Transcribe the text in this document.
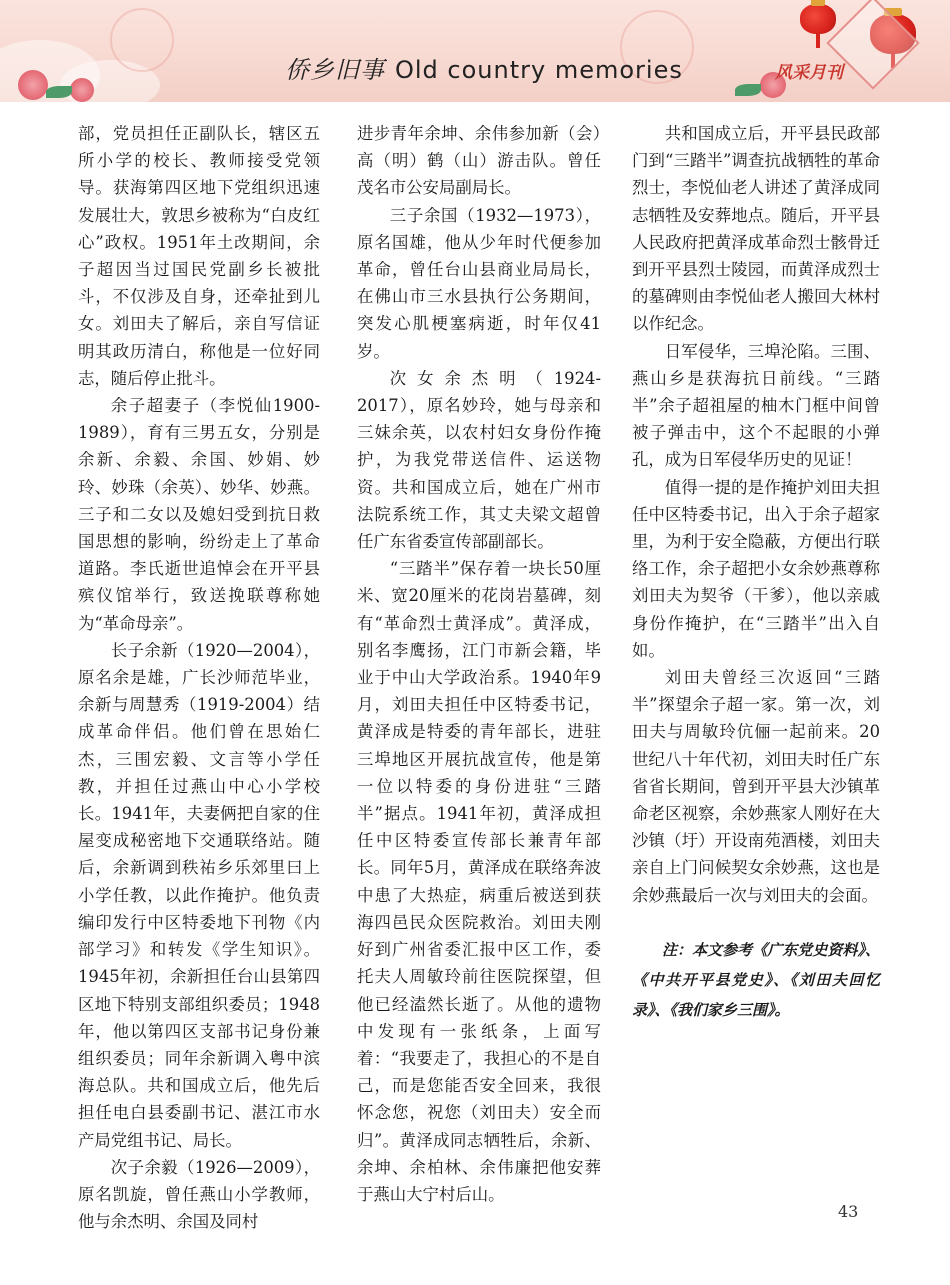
侨乡旧事 Old country memories	风采月刊

部，党员担任正副队长，辖区五所小学的校长、教师接受党领导。获海第四区地下党组织迅速发展壮大，敦思乡被称为“白皮红心”政权。1951年土改期间，余子超因当过国民党副乡长被批斗，不仅涉及自身，还牵扯到儿女。刘田夫了解后，亲自写信证明其政历清白，称他是一位好同志，随后停止批斗。

余子超妻子（李悦仙1900-1989），育有三男五女，分别是余新、余毅、余国、妙娟、妙玲、妙珠（余英）、妙华、妙燕。三子和二女以及媳妇受到抗日救国思想的影响，纷纷走上了革命道路。李氏逝世追悼会在开平县殡仪馆举行，致送挽联尊称她为“革命母亲”。

长子余新（1920—2004），原名余是雄，广长沙师范毕业，余新与周慧秀（1919-2004）结成革命伴侣。他们曾在思始仁杰，三围宏毅、文言等小学任教，并担任过燕山中心小学校长。1941年，夫妻俩把自家的住屋变成秘密地下交通联络站。随后，余新调到秩祐乡乐郊里曰上小学任教，以此作掩护。他负责编印发行中区特委地下刊物《内部学习》和转发《学生知识》。1945年初，余新担任台山县第四区地下特别支部组织委员；1948年，他以第四区支部书记身份兼组织委员；同年余新调入粤中滨海总队。共和国成立后，他先后担任电白县委副书记、湛江市水产局党组书记、局长。

次子余毅（1926—2009），原名凯旋，曾任燕山小学教师，他与余杰明、余国及同村

进步青年余坤、余伟参加新（会）高（明）鹤（山）游击队。曾任茂名市公安局副局长。

三子余国（1932—1973），原名国雄，他从少年时代便参加革命，曾任台山县商业局局长，在佛山市三水县执行公务期间，突发心肌梗塞病逝，时年仅41岁。

次女余杰明（1924-2017），原名妙玲，她与母亲和三妹余英，以农村妇女身份作掩护，为我党带送信件、运送物资。共和国成立后，她在广州市法院系统工作，其丈夫梁文超曾任广东省委宣传部副部长。

“三踏半”保存着一块长50厘米、宽20厘米的花岗岩墓碑，刻有“革命烈士黄泽成”。黄泽成，别名李鹰扬，江门市新会籍，毕业于中山大学政治系。1940年9月，刘田夫担任中区特委书记，黄泽成是特委的青年部长，进驻三埠地区开展抗战宣传，他是第一位以特委的身份进驻“三踏半”据点。1941年初，黄泽成担任中区特委宣传部长兼青年部长。同年5月，黄泽成在联络奔波中患了大热症，病重后被送到获海四邑民众医院救治。刘田夫刚好到广州省委汇报中区工作，委托夫人周敏玲前往医院探望，但他已经溘然长逝了。从他的遗物中发现有一张纸条，上面写着：“我要走了，我担心的不是自己，而是您能否安全回来，我很怀念您，祝您（刘田夫）安全而归”。黄泽成同志牺牲后，余新、余坤、余柏林、余伟廉把他安葬于燕山大宁村后山。

共和国成立后，开平县民政部门到“三踏半”调查抗战牺牲的革命烈士，李悦仙老人讲述了黄泽成同志牺牲及安葬地点。随后，开平县人民政府把黄泽成革命烈士骸骨迁到开平县烈士陵园，而黄泽成烈士的墓碑则由李悦仙老人搬回大林村以作纪念。

日军侵华，三埠沦陷。三围、燕山乡是获海抗日前线。“三踏半”余子超祖屋的柚木门框中间曾被子弹击中，这个不起眼的小弹孔，成为日军侵华历史的见证！

值得一提的是作掩护刘田夫担任中区特委书记，出入于余子超家里，为利于安全隐蔽，方便出行联络工作，余子超把小女余妙燕尊称刘田夫为契爷（干爹），他以亲戚身份作掩护，在“三踏半”出入自如。

刘田夫曾经三次返回“三踏半”探望余子超一家。第一次，刘田夫与周敏玲伉俪一起前来。20世纪八十年代初，刘田夫时任广东省省长期间，曾到开平县大沙镇革命老区视察，余妙燕家人刚好在大沙镇（圩）开设南苑酒楼，刘田夫亲自上门问候契女余妙燕，这也是余妙燕最后一次与刘田夫的会面。

注：本文参考《广东党史资料》、《中共开平县党史》、《刘田夫回忆录》、《我们家乡三围》。

43
